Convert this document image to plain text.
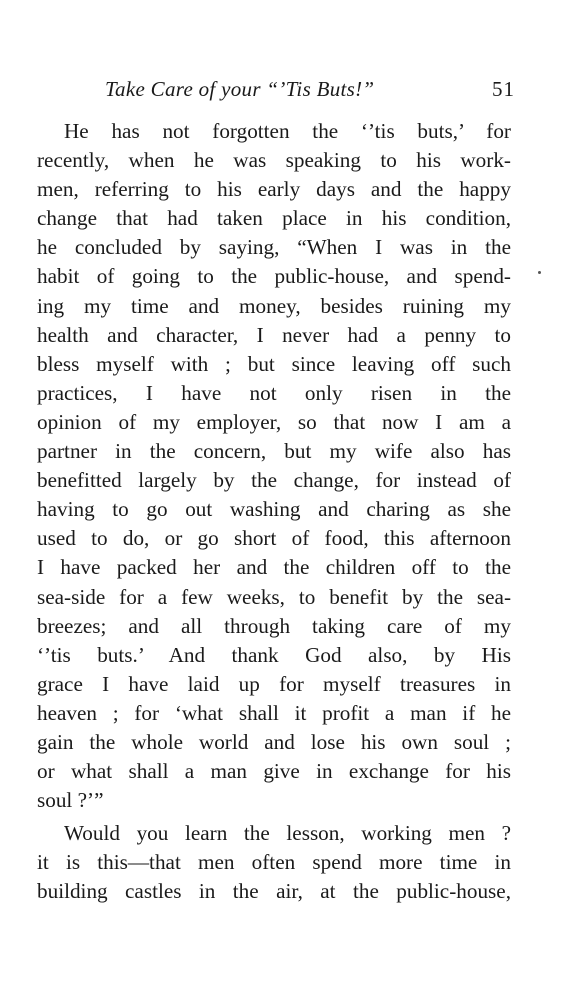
Take Care of your “’Tis Buts!”	51
He has not forgotten the ‘’tis buts,’ for
recently, when he was speaking to his work-
men, referring to his early days and the happy
change that had taken place in his condition,
he concluded by saying, “When I was in the
habit of going to the public-house, and spend-
ing my time and money, besides ruining my
health and character, I never had a penny to
bless myself with ; but since leaving off such
practices, I have not only risen in the
opinion of my employer, so that now I am a
partner in the concern, but my wife also has
benefitted largely by the change, for instead of
having to go out washing and charing as she
used to do, or go short of food, this afternoon
I have packed her and the children off to the
sea-side for a few weeks, to benefit by the sea-
breezes; and all through taking care of my
‘’tis buts.’ And thank God also, by His
grace I have laid up for myself treasures in
heaven ; for ‘what shall it profit a man if he
gain the whole world and lose his own soul ;
or what shall a man give in exchange for his
soul ?’”
Would you learn the lesson, working men ?
it is this—that men often spend more time in
building castles in the air, at the public-house,
